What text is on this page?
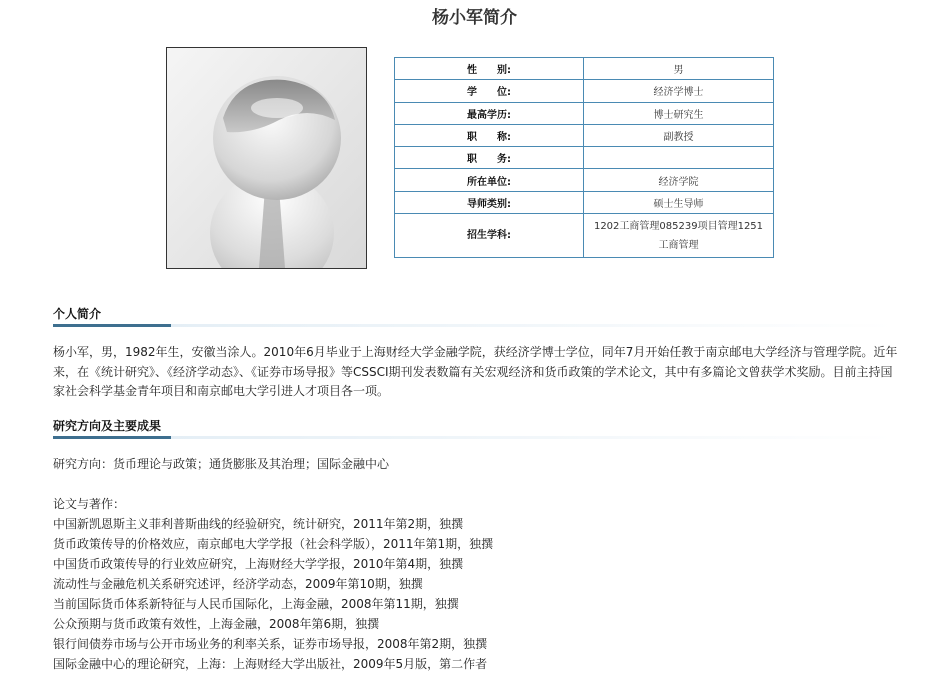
杨小军简介
性　　别:	男
学　　位:	经济学博士
最高学历:	博士研究生
职　　称:	副教授
职　　务:	
所在单位:	经济学院
导师类别:	硕士生导师
招生学科:	1202工商管理085239项目管理1251工商管理
个人简介
杨小军，男，1982年生，安徽当涂人。2010年6月毕业于上海财经大学金融学院，获经济学博士学位，同年7月开始任教于南京邮电大学经济与管理学院。近年来，在《统计研究》、《经济学动态》、《证券市场导报》等CSSCI期刊发表数篇有关宏观经济和货币政策的学术论文，其中有多篇论文曾获学术奖励。目前主持国家社会科学基金青年项目和南京邮电大学引进人才项目各一项。
研究方向及主要成果
研究方向：货币理论与政策；通货膨胀及其治理；国际金融中心
论文与著作：
中国新凯恩斯主义菲利普斯曲线的经验研究，统计研究，2011年第2期，独撰
货币政策传导的价格效应，南京邮电大学学报（社会科学版），2011年第1期，独撰
中国货币政策传导的行业效应研究，上海财经大学学报，2010年第4期，独撰
流动性与金融危机关系研究述评，经济学动态，2009年第10期，独撰
当前国际货币体系新特征与人民币国际化，上海金融，2008年第11期，独撰
公众预期与货币政策有效性，上海金融，2008年第6期，独撰
银行间债券市场与公开市场业务的利率关系，证券市场导报，2008年第2期，独撰
国际金融中心的理论研究，上海：上海财经大学出版社，2009年5月版，第二作者
